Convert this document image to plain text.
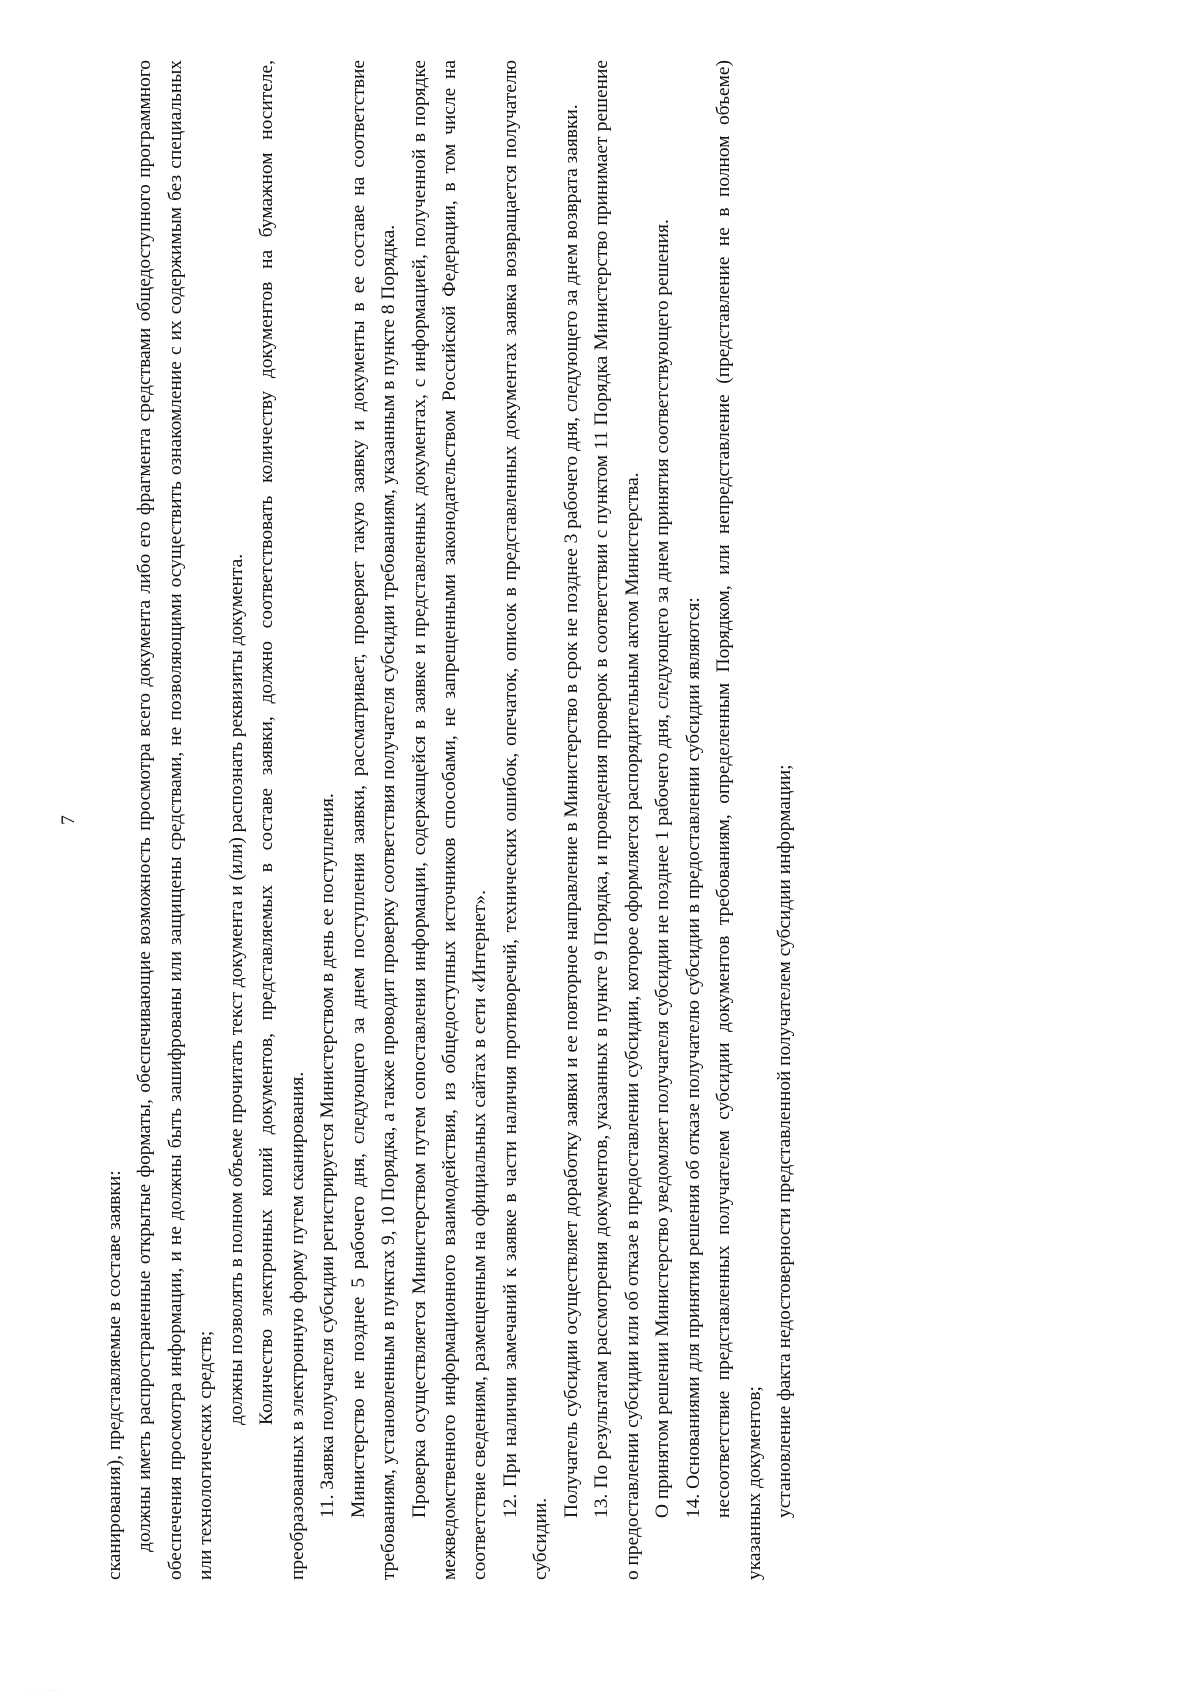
7

сканирования), представляемые в составе заявки: должны иметь распространенные открытые форматы, обеспечивающие возможность просмотра всего документа либо его фрагмента средствами общедоступного программного обеспечения просмотра информации, и не должны быть зашифрованы или защищены средствами, не позволяющими осуществить ознакомление с их содержимым без специальных или технологических средств;

должны позволять в полном объеме прочитать текст документа и (или) распознать реквизиты документа. Количество электронных копий документов, представляемых в составе заявки, должно соответствовать количеству документов на бумажном носителе, преобразованных в электронную форму путем сканирования. 11. Заявка получателя субсидии регистрируется Министерством в день ее поступления. Министерство не позднее 5 рабочего дня, следующего за днем поступления заявки, рассматривает, проверяет такую заявку и документы в ее составе на соответствие требованиям, установленным в пунктах 9, 10 Порядка, а также проводит проверку соответствия получателя субсидии требованиям, указанным в пункте 8 Порядка. Проверка осуществляется Министерством путем сопоставления информации, содержащейся в заявке и представленных документах, с информацией, полученной в порядке межведомственного информационного взаимодействия, из общедоступных источников способами, не запрещенными законодательством Российской Федерации, в том числе на соответствие сведениям, размещенным на официальных сайтах в сети «Интернет». 12. При наличии замечаний к заявке в части наличия противоречий, технических ошибок, опечаток, описок в представленных документах заявка возвращается получателю субсидии.

Получатель субсидии осуществляет доработку заявки и ее повторное направление в Министерство в срок не позднее 3 рабочего дня, следующего за днем возврата заявки. 13. По результатам рассмотрения документов, указанных в пункте 9 Порядка, и проведения проверок в соответствии с пунктом 11 Порядка Министерство принимает решение о предоставлении субсидии или об отказе в предоставлении субсидии, которое оформляется распорядительным актом Министерства. О принятом решении Министерство уведомляет получателя субсидии не позднее 1 рабочего дня, следующего за днем принятия соответствующего решения. 14. Основаниями для принятия решения об отказе получателю субсидии в предоставлении субсидии являются: несоответствие представленных получателем субсидии документов требованиям, определенным Порядком, или непредставление (представление не в полном объеме) указанных документов; установление факта недостоверности представленной получателем субсидии информации;

· ·· ···
